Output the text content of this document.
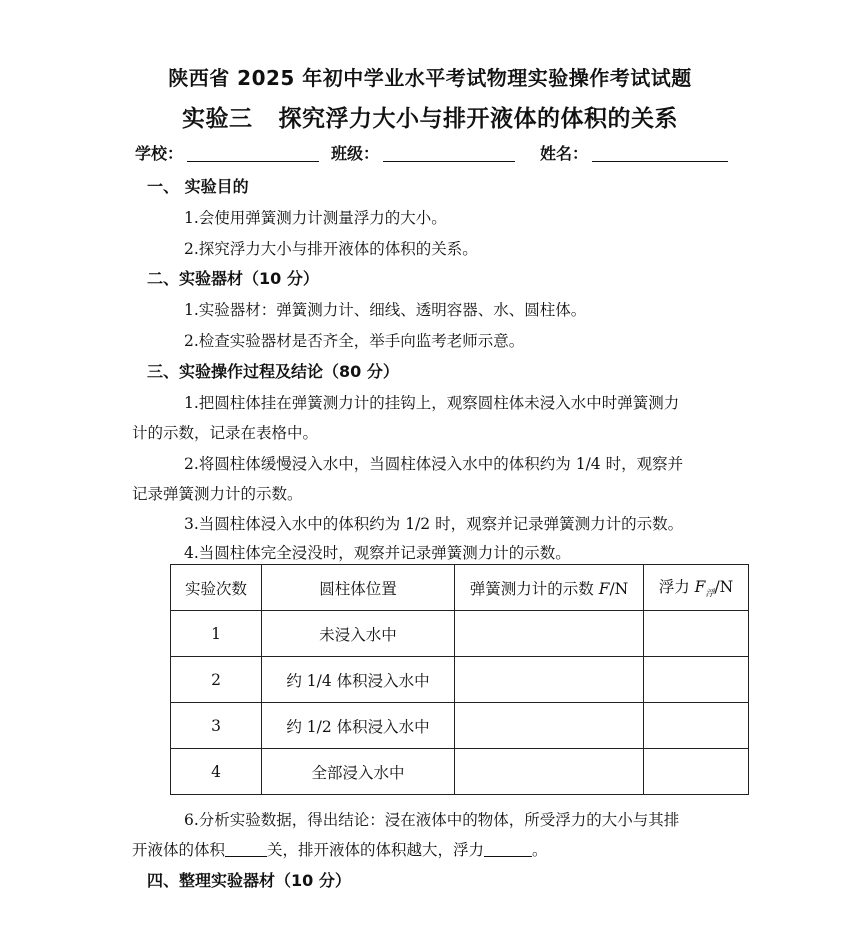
陕西省 2025 年初中学业水平考试物理实验操作考试试题
实验三 探究浮力大小与排开液体的体积的关系
学校：	班级：	姓名：
一、 实验目的
1.会使用弹簧测力计测量浮力的大小。
2.探究浮力大小与排开液体的体积的关系。
二、实验器材（10 分）
1.实验器材：弹簧测力计、细线、透明容器、水、圆柱体。
2.检查实验器材是否齐全，举手向监考老师示意。
三、实验操作过程及结论（80 分）
1.把圆柱体挂在弹簧测力计的挂钩上，观察圆柱体未浸入水中时弹簧测力
计的示数，记录在表格中。
2.将圆柱体缓慢浸入水中，当圆柱体浸入水中的体积约为 1/4 时，观察并
记录弹簧测力计的示数。
3.当圆柱体浸入水中的体积约为 1/2 时，观察并记录弹簧测力计的示数。
4.当圆柱体完全浸没时，观察并记录弹簧测力计的示数。
实验次数	圆柱体位置	弹簧测力计的示数 F/N	浮力 $F_浮/N$
1	未浸入水中		
2	约 1/4 体积浸入水中		
3	约 1/2 体积浸入水中		
4	全部浸入水中		
6.分析实验数据，得出结论：浸在液体中的物体，所受浮力的大小与其排
开液体的体积	关，排开液体的体积越大，浮力	。
四、整理实验器材（10 分）
